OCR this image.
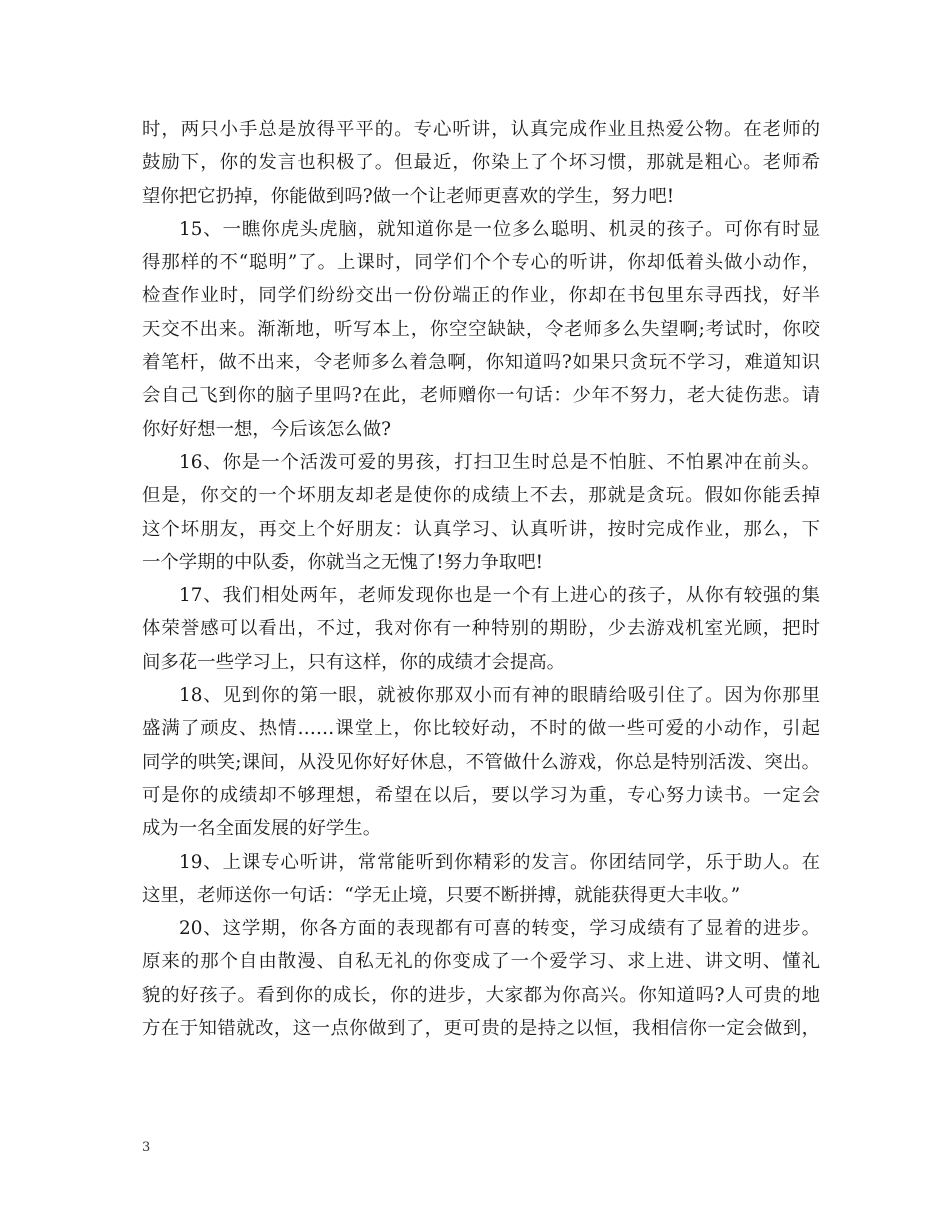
时，两只小手总是放得平平的。专心听讲，认真完成作业且热爱公物。在老师的
鼓励下，你的发言也积极了。但最近，你染上了个坏习惯，那就是粗心。老师希
望你把它扔掉，你能做到吗?做一个让老师更喜欢的学生，努力吧!
15、一瞧你虎头虎脑，就知道你是一位多么聪明、机灵的孩子。可你有时显
得那样的不“聪明”了。上课时，同学们个个专心的听讲，你却低着头做小动作，
检查作业时，同学们纷纷交出一份份端正的作业，你却在书包里东寻西找，好半
天交不出来。渐渐地，听写本上，你空空缺缺，令老师多么失望啊;考试时，你咬
着笔杆，做不出来，令老师多么着急啊，你知道吗?如果只贪玩不学习，难道知识
会自己飞到你的脑子里吗?在此，老师赠你一句话：少年不努力，老大徒伤悲。请
你好好想一想，今后该怎么做?
16、你是一个活泼可爱的男孩，打扫卫生时总是不怕脏、不怕累冲在前头。
但是，你交的一个坏朋友却老是使你的成绩上不去，那就是贪玩。假如你能丢掉
这个坏朋友，再交上个好朋友：认真学习、认真听讲，按时完成作业，那么，下
一个学期的中队委，你就当之无愧了!努力争取吧!
17、我们相处两年，老师发现你也是一个有上进心的孩子，从你有较强的集
体荣誉感可以看出，不过，我对你有一种特别的期盼，少去游戏机室光顾，把时
间多花一些学习上，只有这样，你的成绩才会提高。
18、见到你的第一眼，就被你那双小而有神的眼睛给吸引住了。因为你那里
盛满了顽皮、热情……课堂上，你比较好动，不时的做一些可爱的小动作，引起
同学的哄笑;课间，从没见你好好休息，不管做什么游戏，你总是特别活泼、突出。
可是你的成绩却不够理想，希望在以后，要以学习为重，专心努力读书。一定会
成为一名全面发展的好学生。
19、上课专心听讲，常常能听到你精彩的发言。你团结同学，乐于助人。在
这里，老师送你一句话：“学无止境，只要不断拼搏，就能获得更大丰收。”
20、这学期，你各方面的表现都有可喜的转变，学习成绩有了显着的进步。
原来的那个自由散漫、自私无礼的你变成了一个爱学习、求上进、讲文明、懂礼
貌的好孩子。看到你的成长，你的进步，大家都为你高兴。你知道吗?人可贵的地
方在于知错就改，这一点你做到了，更可贵的是持之以恒，我相信你一定会做到，
3
